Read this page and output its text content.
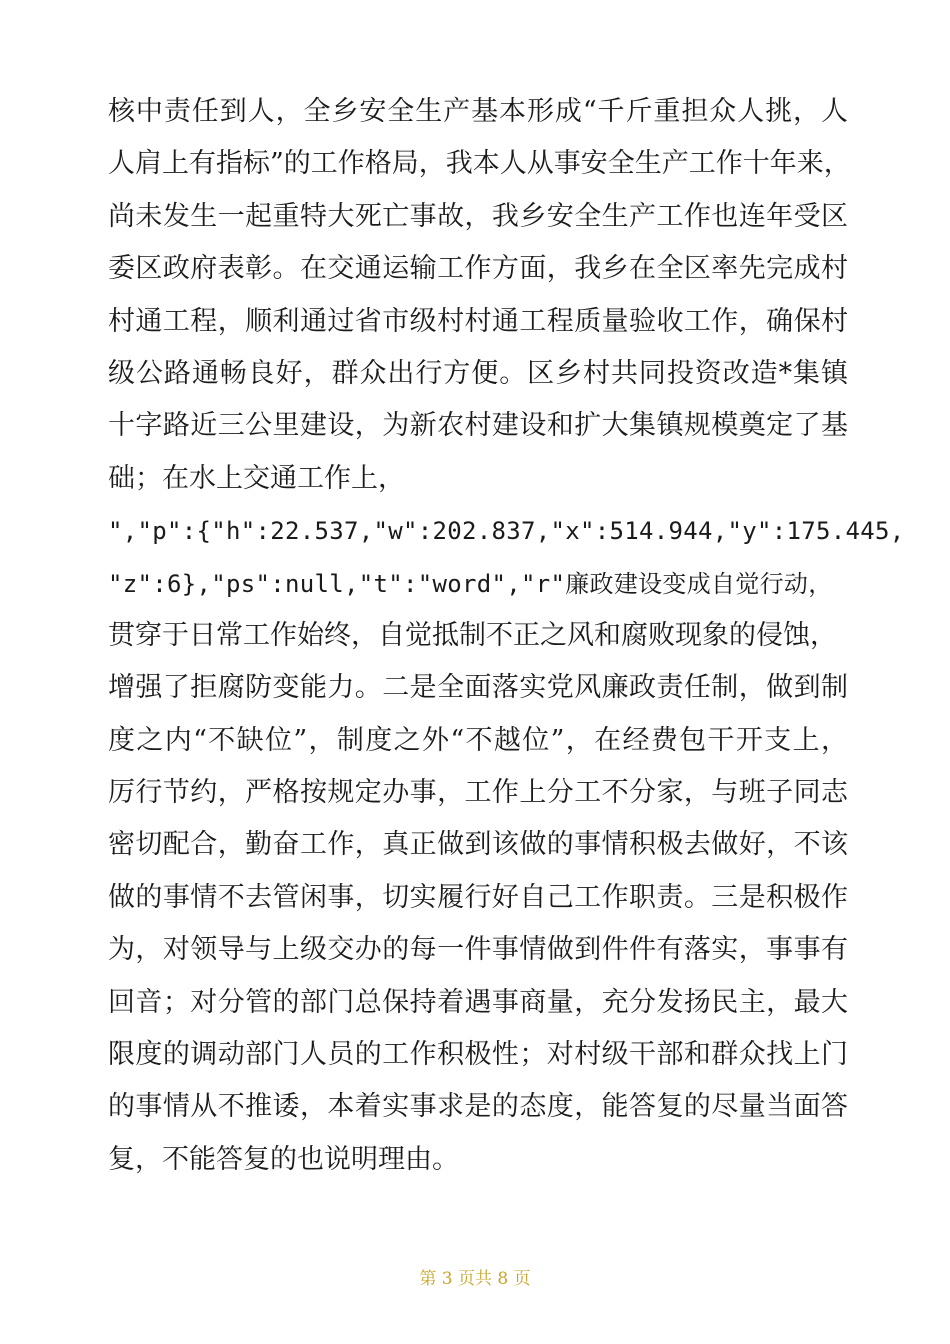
核中责任到人，全乡安全生产基本形成“千斤重担众人挑，人
人肩上有指标”的工作格局，我本人从事安全生产工作十年来，
尚未发生一起重特大死亡事故，我乡安全生产工作也连年受区
委区政府表彰。在交通运输工作方面，我乡在全区率先完成村
村通工程，顺利通过省市级村村通工程质量验收工作，确保村
级公路通畅良好，群众出行方便。区乡村共同投资改造*集镇
十字路近三公里建设，为新农村建设和扩大集镇规模奠定了基
础；在水上交通工作上，
","p":{"h":22.537,"w":202.837,"x":514.944,"y":175.445,
"z":6},"ps":null,"t":"word","r"廉政建设变成自觉行动，
贯穿于日常工作始终，自觉抵制不正之风和腐败现象的侵蚀，
增强了拒腐防变能力。二是全面落实党风廉政责任制，做到制
度之内“不缺位”，制度之外“不越位”，在经费包干开支上，
厉行节约，严格按规定办事，工作上分工不分家，与班子同志
密切配合，勤奋工作，真正做到该做的事情积极去做好，不该
做的事情不去管闲事，切实履行好自己工作职责。三是积极作
为，对领导与上级交办的每一件事情做到件件有落实，事事有
回音；对分管的部门总保持着遇事商量，充分发扬民主，最大
限度的调动部门人员的工作积极性；对村级干部和群众找上门
的事情从不推诿，本着实事求是的态度，能答复的尽量当面答
复，不能答复的也说明理由。
第 3 页共 8 页
